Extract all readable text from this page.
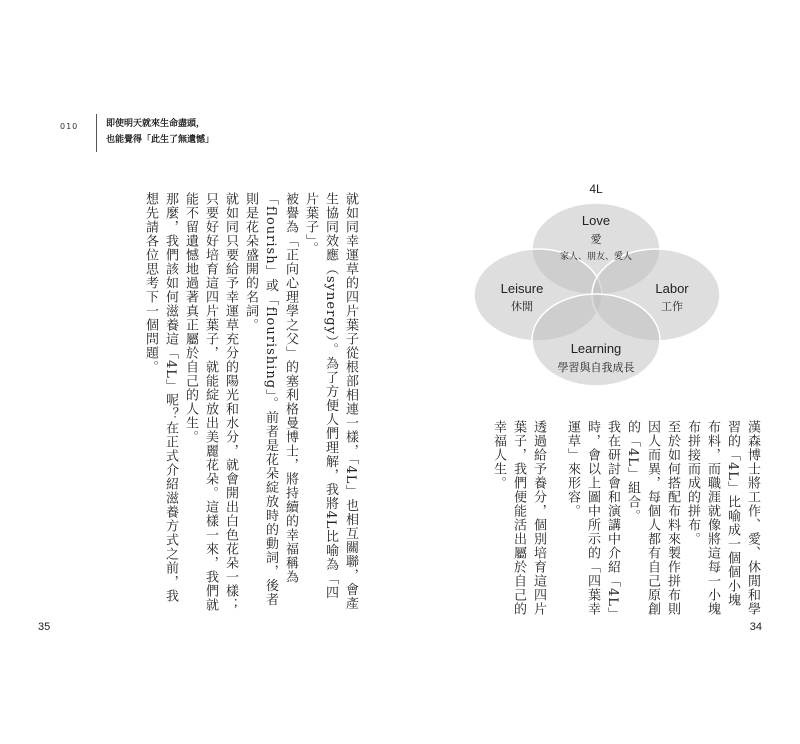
010	即使明天就來生命盡頭，
也能覺得「此生了無遺憾」

就如同幸運草的四片葉子從根部相連一樣，「4L」也相互關聯，會產生協同效應（synergy）。為了方便人們理解，我將4L比喻為「四片葉子」。

被譽為「正向心理學之父」的塞利格曼博士，將持續的幸福稱為「flourish」或「flourishing」。前者是花朵綻放時的動詞，後者則是花朵盛開的名詞。

就如同只要給予幸運草充分的陽光和水分，就會開出白色花朵一樣；只要好好培育這四片葉子，就能綻放出美麗花朵。這樣一來，我們就能不留遺憾地過著真正屬於自己的人生。

那麼，我們該如何滋養這「4L」呢？在正式介紹滋養方式之前，我想先請各位思考下一個問題。

35
4L
Love
愛
家人、朋友、愛人
Leisure
休閒
Labor
工作
Learning
學習與自我成長

漢森博士將工作、愛、休閒和學習的「4L」比喻成一個個小塊布料，而職涯就像將這每一小塊布拼接而成的拼布。

至於如何搭配布料來製作拼布則因人而異，每個人都有自己原創的「4L」組合。

我在研討會和演講中介紹「4L」時，會以上圖中所示的「四葉幸運草」來形容。

透過給予養分，個別培育這四片葉子，我們便能活出屬於自己的幸福人生。

34
